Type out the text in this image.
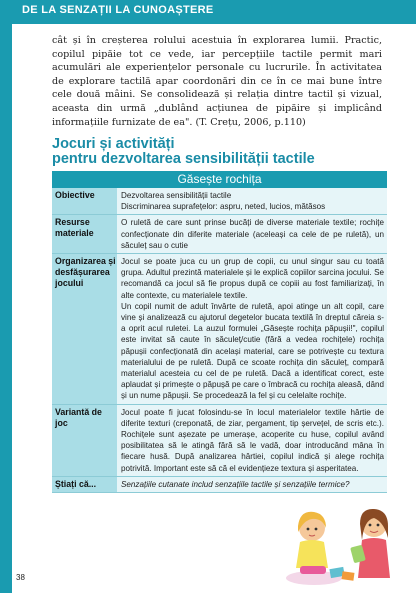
DE LA SENZAȚII LA CUNOAȘTERE

cât și în creșterea rolului acestuia în explorarea lumii. Practic, copilul pipăie tot ce vede, iar percepțiile tactile permit mari acumulări ale experiențelor personale cu lucrurile. În activitatea de explorare tactilă apar coordonări din ce în ce mai bune între cele două mâini. Se consolidează și relația dintre tactil și vizual, aceasta din urmă „dublând acțiunea de pipăire și implicând informațiile furnizate de ea". (T. Crețu, 2006, p.110)

Jocuri și activități
pentru dezvoltarea sensibilității tactile
Găsește rochița
Obiective	Dezvoltarea sensibilității tactile

Discriminarea suprafețelor: aspru, neted, lucios, mătăsos

Resurse materiale

O ruletă de care sunt prinse bucăți de diverse materiale textile; rochițe confecționate din diferite materiale (aceleași ca cele de pe ruletă), un săculeț sau o cutie

Organizarea și desfășurarea jocului

Jocul se poate juca cu un grup de copii, cu unul singur sau cu toată grupa. Adultul prezintă materialele și le explică copiilor sarcina jocului. Se recomandă ca jocul să fie propus după ce copiii au fost familiarizați, în alte contexte, cu materialele textile.

Un copil numit de adult învârte de ruletă, apoi atinge un alt copil, care vine și analizează cu ajutorul degetelor bucata textilă în dreptul căreia s-a oprit acul ruletei. La auzul formulei „Găsește rochița păpușii!", copilul este invitat să caute în săculeț/cutie (fără a vedea rochițele) rochița păpușii confecționată din același material, care se potrivește cu textura materialului de pe ruletă. După ce scoate rochița din săculeț, compară materialul acesteia cu cel de pe ruletă. Dacă a identificat corect, este aplaudat și primește o păpușă pe care o îmbracă cu rochița aleasă, dând și un nume păpușii. Se procedează la fel și cu celelalte rochițe.

Variantă de joc

Jocul poate fi jucat folosindu-se în locul materialelor textile hârtie de diferite texturi (creponată, de ziar, pergament, tip șervețel, de scris etc.). Rochițele sunt așezate pe umerașe, acoperite cu huse, copilul având posibilitatea să le atingă fără să le vadă, doar introducând mâna în fiecare husă. După analizarea hârtiei, copilul indică și alege rochița potrivită. Important este să că el evidențieze textura și asperitatea.

Știați că...	Senzațiile cutanate includ senzațiile tactile și senzațiile termice?

38
